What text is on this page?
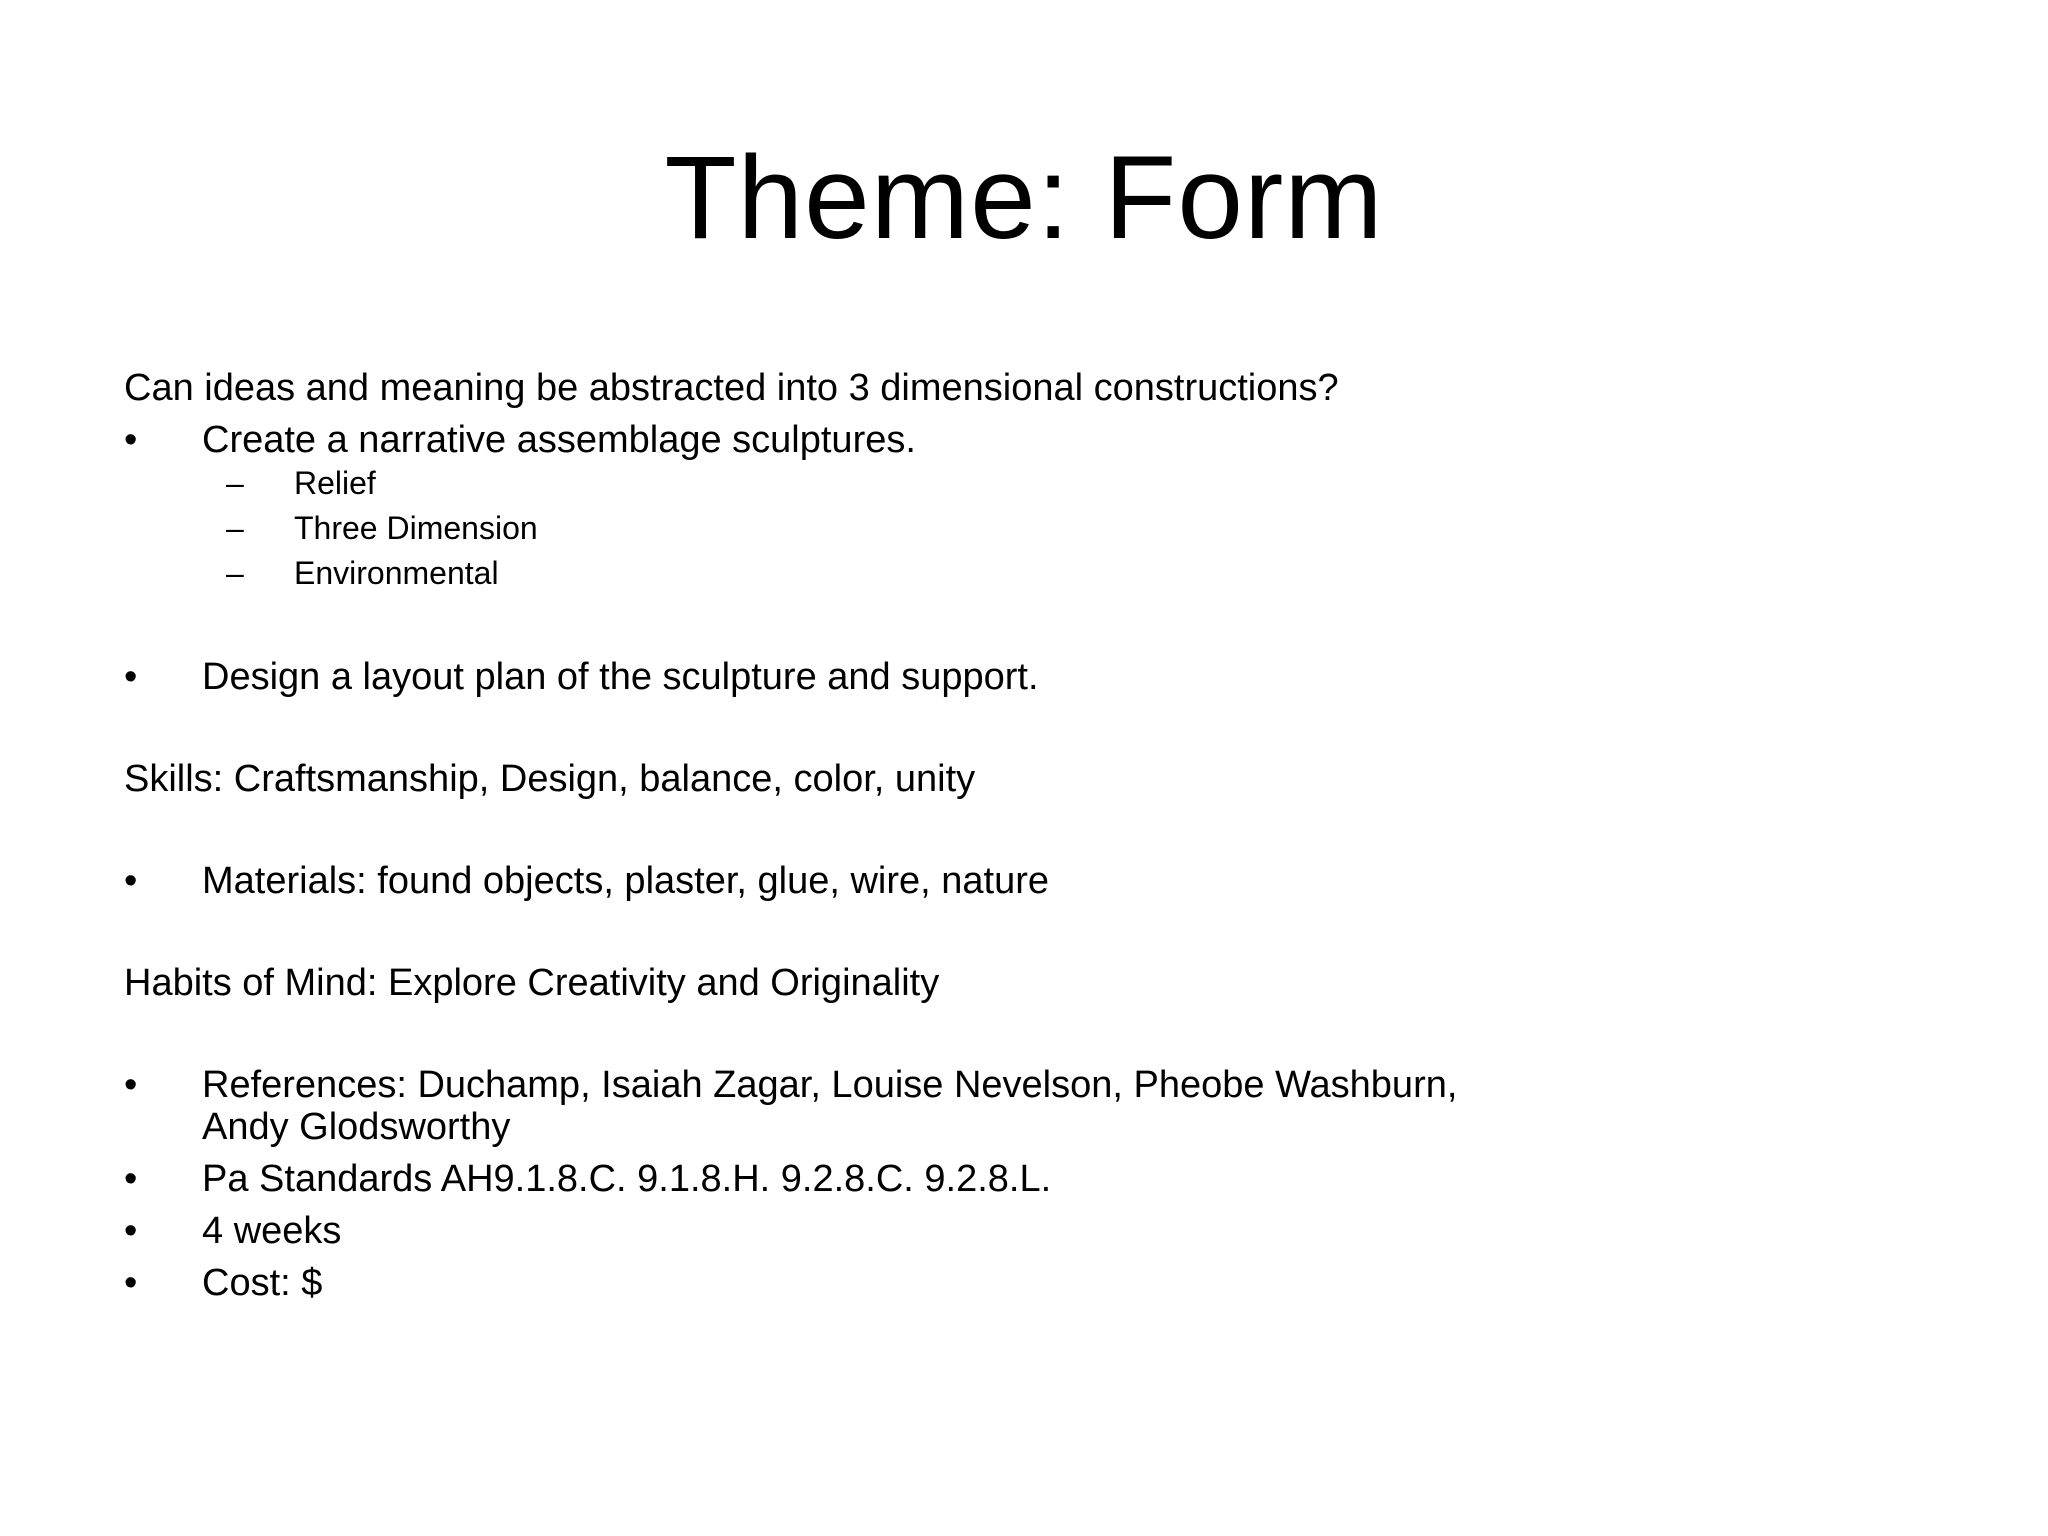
Theme: Form

Can ideas and meaning be abstracted into 3 dimensional constructions?

•	Create a narrative assemblage sculptures.

– Relief

– Three Dimension

– Environmental

•	Design a layout plan of the sculpture and support.

Skills: Craftsmanship, Design, balance, color, unity

•	Materials: found objects, plaster, glue, wire, nature

Habits of Mind: Explore Creativity and Originality

•	References: Duchamp, Isaiah Zagar, Louise Nevelson, Pheobe Washburn, Andy Glodsworthy

•	Pa Standards AH9.1.8.C. 9.1.8.H. 9.2.8.C. 9.2.8.L.

•	4 weeks

•	Cost: $
